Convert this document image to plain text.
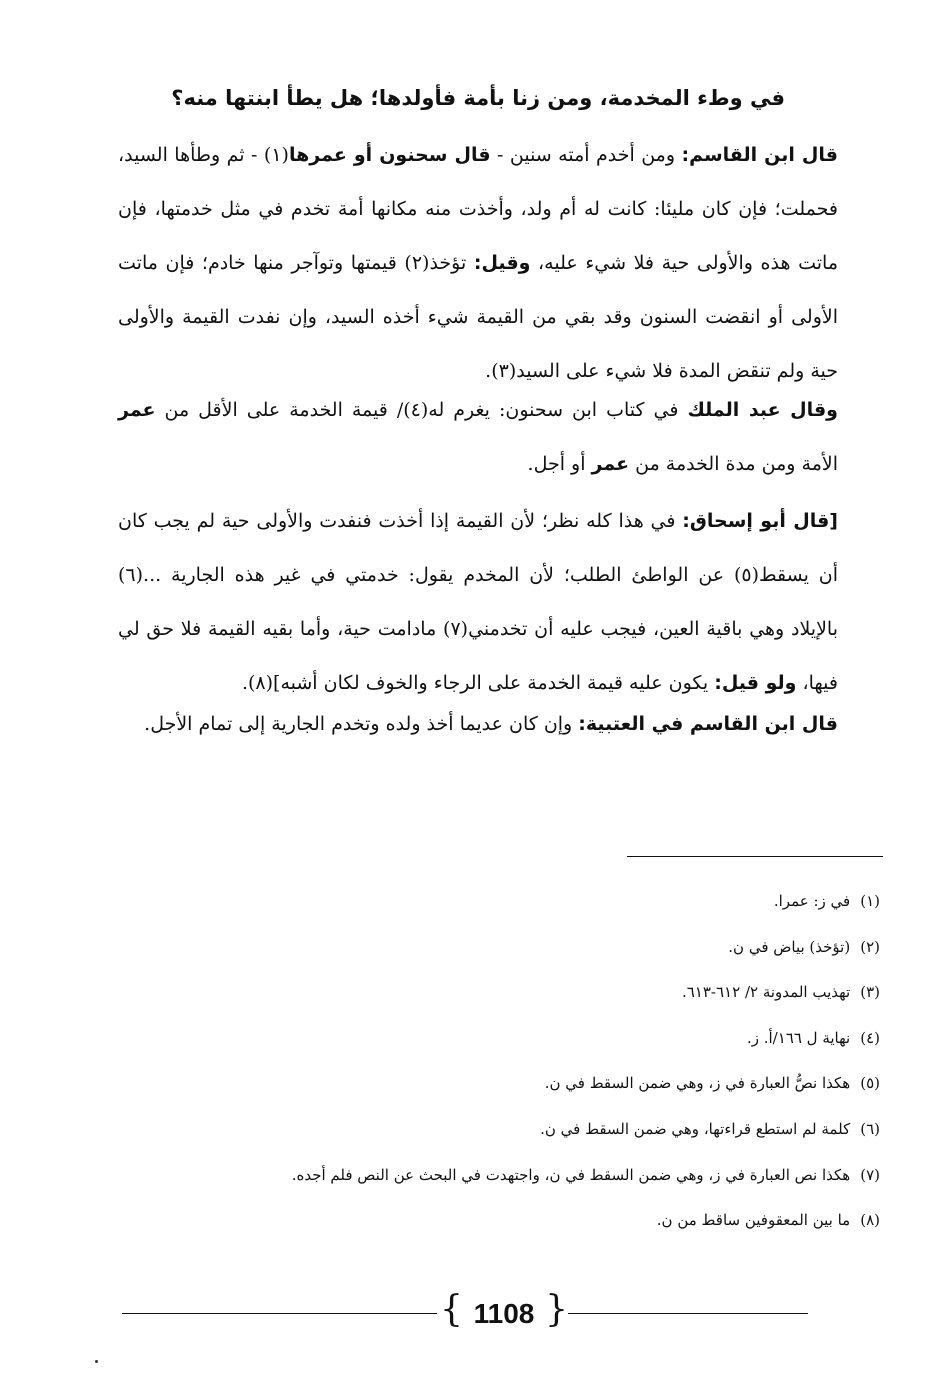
في وطء المخدمة، ومن زنا بأمة فأولدها؛ هل يطأ ابنتها منه؟
قال ابن القاسم: ومن أخدم أمته سنين - قال سحنون أو عمرها(١) - ثم وطأها السيد، فحملت؛ فإن كان مليئا: كانت له أم ولد، وأخذت منه مكانها أمة تخدم في مثل خدمتها، فإن ماتت هذه والأولى حية فلا شيء عليه، وقيل: تؤخذ(٢) قيمتها وتوآجر منها خادم؛ فإن ماتت الأولى أو انقضت السنون وقد بقي من القيمة شيء أخذه السيد، وإن نفدت القيمة والأولى حية ولم تنقض المدة فلا شيء على السيد(٣).
وقال عبد الملك في كتاب ابن سحنون: يغرم له(٤)/ قيمة الخدمة على الأقل من عمر الأمة ومن مدة الخدمة من عمر أو أجل.
[قال أبو إسحاق: في هذا كله نظر؛ لأن القيمة إذا أخذت فنفدت والأولى حية لم يجب كان أن يسقط(٥) عن الواطئ الطلب؛ لأن المخدم يقول: خدمتي في غير هذه الجارية ...(٦) بالإيلاد وهي باقية العين، فيجب عليه أن تخدمني(٧) مادامت حية، وأما بقيه القيمة فلا حق لي فيها، ولو قيل: يكون عليه قيمة الخدمة على الرجاء والخوف لكان أشبه](٨).
قال ابن القاسم في العتبية: وإن كان عديما أخذ ولده وتخدم الجارية إلى تمام الأجل.
(١)في ز: عمرا.
(٢)(تؤخذ) بياض في ن.
(٣)تهذيب المدونة ٢/ ٦١٢-٦١٣.
(٤)نهاية ل ١٦٦/أ. ز.
(٥)هكذا نصُّ العبارة في ز، وهي ضمن السقط في ن.
(٦)كلمة لم استطع قراءتها، وهي ضمن السقط في ن.
(٧)هكذا نص العبارة في ز، وهي ضمن السقط في ن، واجتهدت في البحث عن النص فلم أجده.
(٨)ما بين المعقوفين ساقط من ن.
{ 1108 }
